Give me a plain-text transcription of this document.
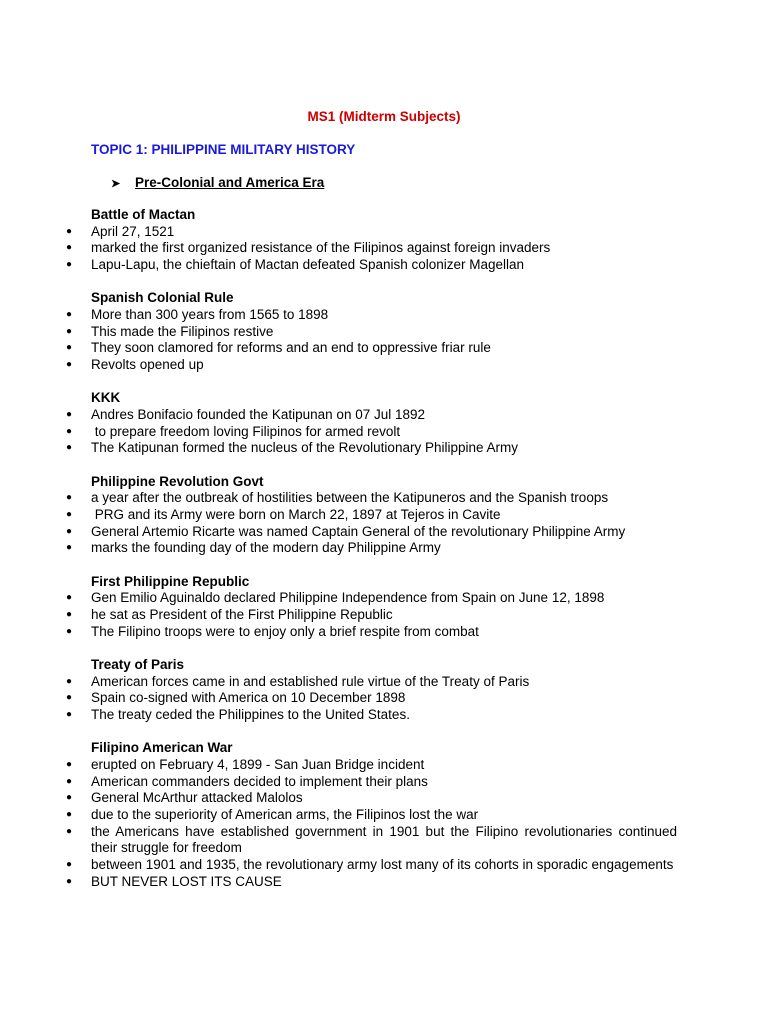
MS1 (Midterm Subjects)
TOPIC 1: PHILIPPINE MILITARY HISTORY
➤ Pre-Colonial and America Era
Battle of Mactan
● April 27, 1521
● marked the first organized resistance of the Filipinos against foreign invaders
● Lapu-Lapu, the chieftain of Mactan defeated Spanish colonizer Magellan
Spanish Colonial Rule
● More than 300 years from 1565 to 1898
● This made the Filipinos restive
● They soon clamored for reforms and an end to oppressive friar rule
● Revolts opened up
KKK
● Andres Bonifacio founded the Katipunan on 07 Jul 1892
● to prepare freedom loving Filipinos for armed revolt
● The Katipunan formed the nucleus of the Revolutionary Philippine Army
Philippine Revolution Govt
● a year after the outbreak of hostilities between the Katipuneros and the Spanish troops
● PRG and its Army were born on March 22, 1897 at Tejeros in Cavite
● General Artemio Ricarte was named Captain General of the revolutionary Philippine Army
● marks the founding day of the modern day Philippine Army
First Philippine Republic
● Gen Emilio Aguinaldo declared Philippine Independence from Spain on June 12, 1898
● he sat as President of the First Philippine Republic
● The Filipino troops were to enjoy only a brief respite from combat
Treaty of Paris
● American forces came in and established rule virtue of the Treaty of Paris
● Spain co-signed with America on 10 December 1898
● The treaty ceded the Philippines to the United States.
Filipino American War
● erupted on February 4, 1899 - San Juan Bridge incident
● American commanders decided to implement their plans
● General McArthur attacked Malolos
● due to the superiority of American arms, the Filipinos lost the war
● the Americans have established government in 1901 but the Filipino revolutionaries continued their struggle for freedom
● between 1901 and 1935, the revolutionary army lost many of its cohorts in sporadic engagements
● BUT NEVER LOST ITS CAUSE
